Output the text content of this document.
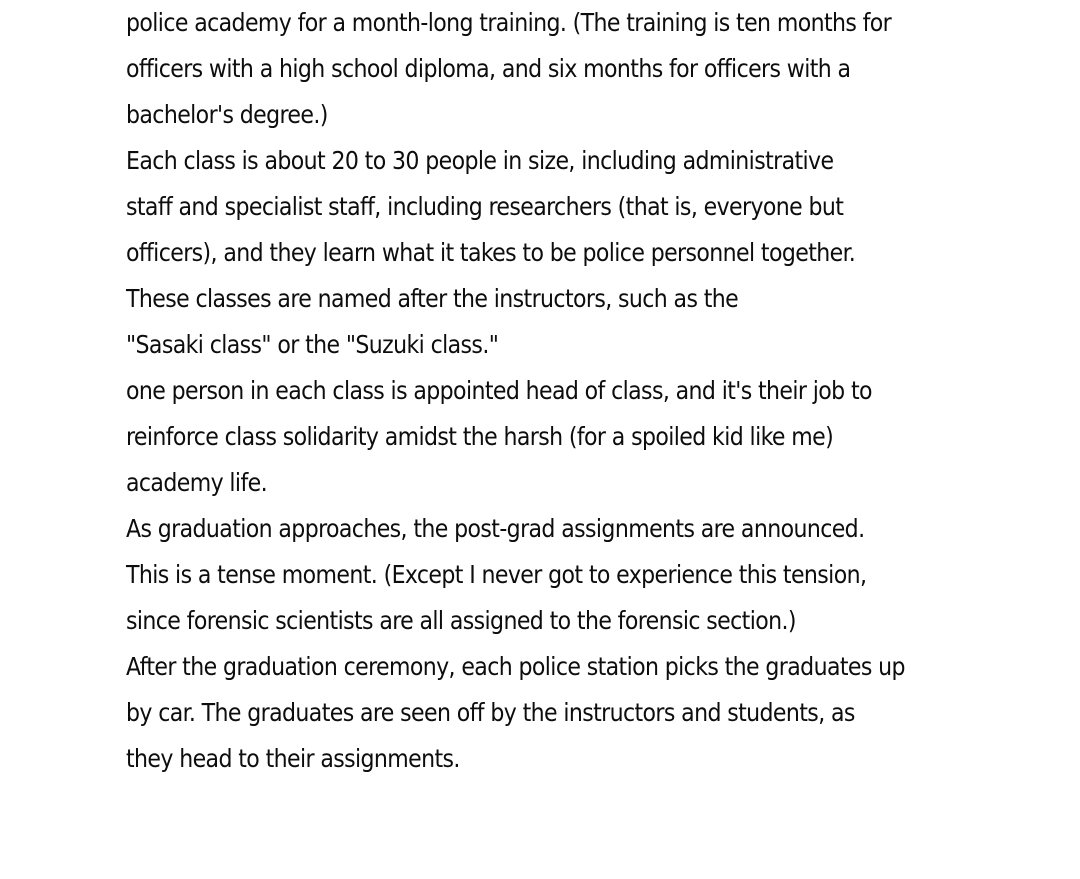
police academy for a month-long training. (The training is ten months for
officers with a high school diploma, and six months for officers with a
bachelor's degree.)
Each class is about 20 to 30 people in size, including administrative
staff and specialist staff, including researchers (that is, everyone but
officers), and they learn what it takes to be police personnel together.
These classes are named after the instructors, such as the
"Sasaki class" or the "Suzuki class."
one person in each class is appointed head of class, and it's their job to
reinforce class solidarity amidst the harsh (for a spoiled kid like me)
academy life.
As graduation approaches, the post-grad assignments are announced.
This is a tense moment. (Except I never got to experience this tension,
since forensic scientists are all assigned to the forensic section.)
After the graduation ceremony, each police station picks the graduates up
by car. The graduates are seen off by the instructors and students, as
they head to their assignments.
